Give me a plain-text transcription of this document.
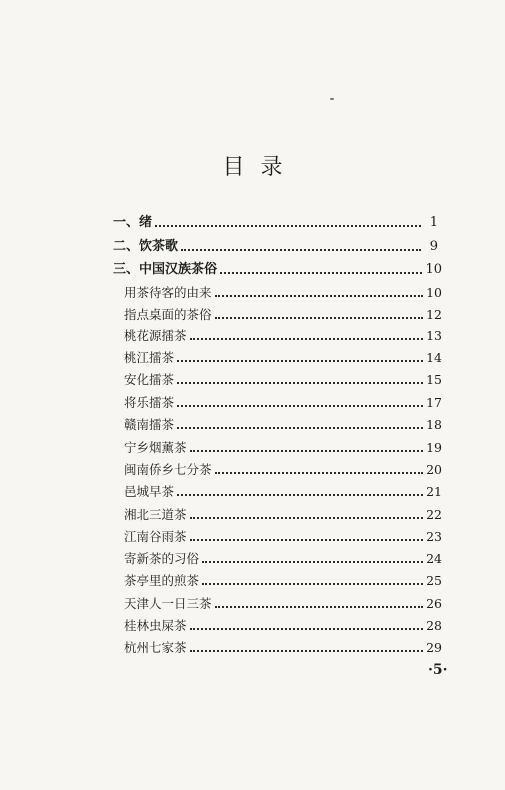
目录
一、绪	1
二、饮茶歌	9
三、中国汉族茶俗	10
用茶待客的由来	10
指点桌面的茶俗	12
桃花源擂茶	13
桃江擂茶	14
安化擂茶	15
将乐擂茶	17
赣南擂茶	18
宁乡烟薰茶	19
闽南侨乡七分茶	20
邑城早茶	21
湘北三道茶	22
江南谷雨茶	23
寄新茶的习俗	24
茶亭里的煎茶	25
天津人一日三茶	26
桂林虫屎茶	28
杭州七家茶	29
·5·
